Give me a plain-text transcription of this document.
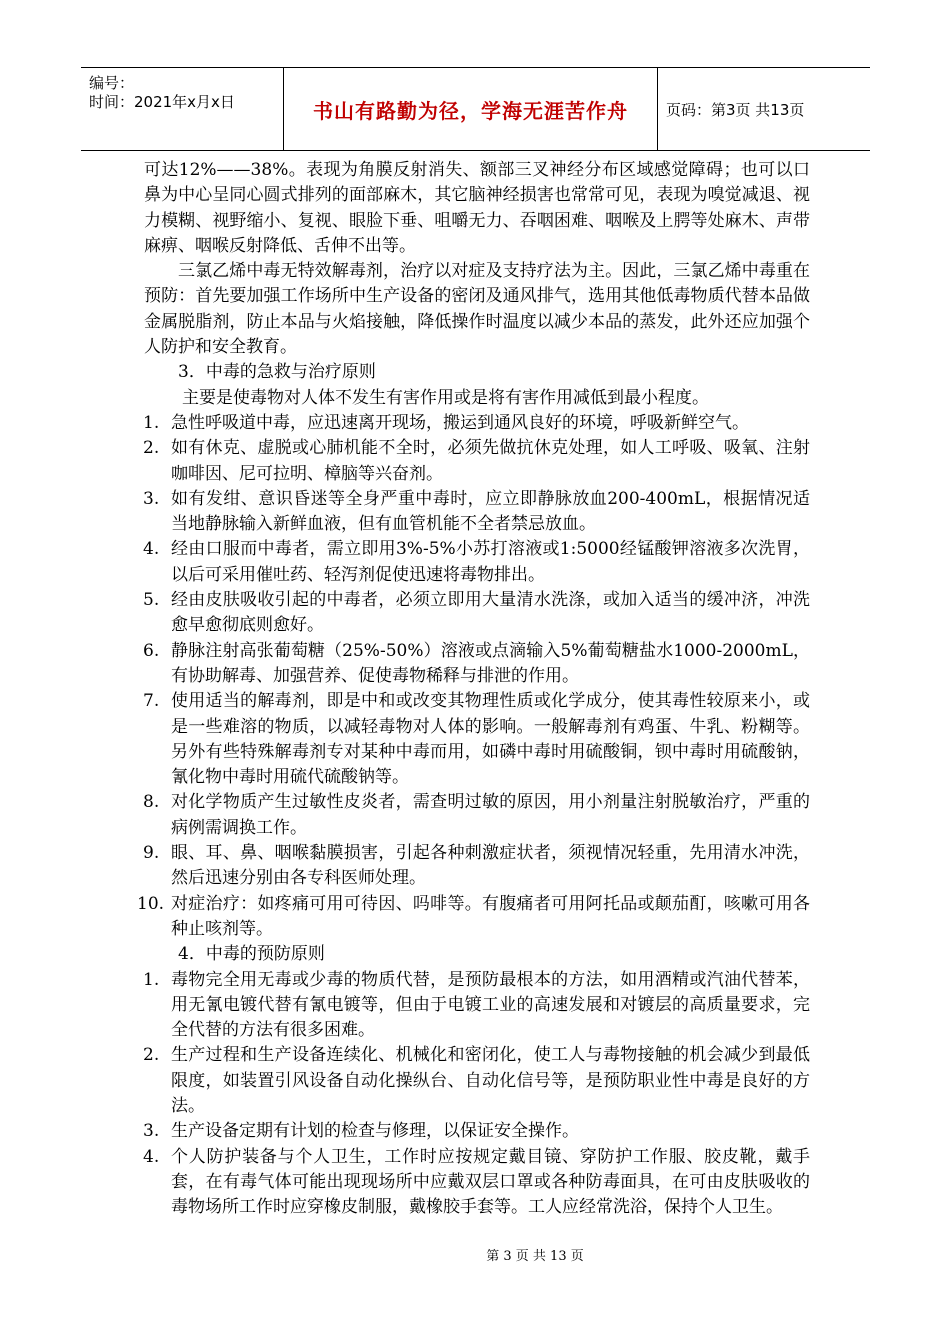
编号：
时间：2021年x月x日	书山有路勤为径，学海无涯苦作舟	页码：第3页 共13页

可达12%——38%。表现为角膜反射消失、额部三叉神经分布区域感觉障碍；也可以口鼻为中心呈同心圆式排列的面部麻木，其它脑神经损害也常常可见，表现为嗅觉减退、视力模糊、视野缩小、复视、眼脸下垂、咀嚼无力、吞咽困难、咽喉及上腭等处麻木、声带麻痹、咽喉反射降低、舌伸不出等。

三氯乙烯中毒无特效解毒剂，治疗以对症及支持疗法为主。因此，三氯乙烯中毒重在预防：首先要加强工作场所中生产设备的密闭及通风排气，选用其他低毒物质代替本品做金属脱脂剂，防止本品与火焰接触，降低操作时温度以减少本品的蒸发，此外还应加强个人防护和安全教育。

3．中毒的急救与治疗原则

主要是使毒物对人体不发生有害作用或是将有害作用减低到最小程度。

1. 急性呼吸道中毒，应迅速离开现场，搬运到通风良好的环境，呼吸新鲜空气。
2. 如有休克、虚脱或心肺机能不全时，必须先做抗休克处理，如人工呼吸、吸氧、注射咖啡因、尼可拉明、樟脑等兴奋剂。
3. 如有发绀、意识昏迷等全身严重中毒时，应立即静脉放血200-400mL，根据情况适当地静脉输入新鲜血液，但有血管机能不全者禁忌放血。
4. 经由口服而中毒者，需立即用3%-5%小苏打溶液或1:5000经锰酸钾溶液多次洗胃，以后可采用催吐药、轻泻剂促使迅速将毒物排出。
5. 经由皮肤吸收引起的中毒者，必须立即用大量清水洗涤，或加入适当的缓冲济，冲洗愈早愈彻底则愈好。
6. 静脉注射高张葡萄糖（25%-50%）溶液或点滴输入5%葡萄糖盐水1000-2000mL，有协助解毒、加强营养、促使毒物稀释与排泄的作用。
7. 使用适当的解毒剂，即是中和或改变其物理性质或化学成分，使其毒性较原来小，或是一些难溶的物质，以减轻毒物对人体的影响。一般解毒剂有鸡蛋、牛乳、粉糊等。另外有些特殊解毒剂专对某种中毒而用，如磷中毒时用硫酸铜，钡中毒时用硫酸钠，氰化物中毒时用硫代硫酸钠等。
8. 对化学物质产生过敏性皮炎者，需查明过敏的原因，用小剂量注射脱敏治疗，严重的病例需调换工作。
9. 眼、耳、鼻、咽喉黏膜损害，引起各种刺激症状者，须视情况轻重，先用清水冲洗，然后迅速分别由各专科医师处理。
10. 对症治疗：如疼痛可用可待因、吗啡等。有腹痛者可用阿托品或颠茄酊，咳嗽可用各种止咳剂等。

4．中毒的预防原则

1. 毒物完全用无毒或少毒的物质代替，是预防最根本的方法，如用酒精或汽油代替苯，用无氰电镀代替有氰电镀等，但由于电镀工业的高速发展和对镀层的高质量要求，完全代替的方法有很多困难。
2. 生产过程和生产设备连续化、机械化和密闭化，使工人与毒物接触的机会减少到最低限度，如装置引风设备自动化操纵台、自动化信号等，是预防职业性中毒是良好的方法。
3. 生产设备定期有计划的检查与修理，以保证安全操作。
4. 个人防护装备与个人卫生，工作时应按规定戴目镜、穿防护工作服、胶皮靴，戴手套，在有毒气体可能出现现场所中应戴双层口罩或各种防毒面具，在可由皮肤吸收的毒物场所工作时应穿橡皮制服，戴橡胶手套等。工人应经常洗浴，保持个人卫生。
第 3 页 共 13 页
